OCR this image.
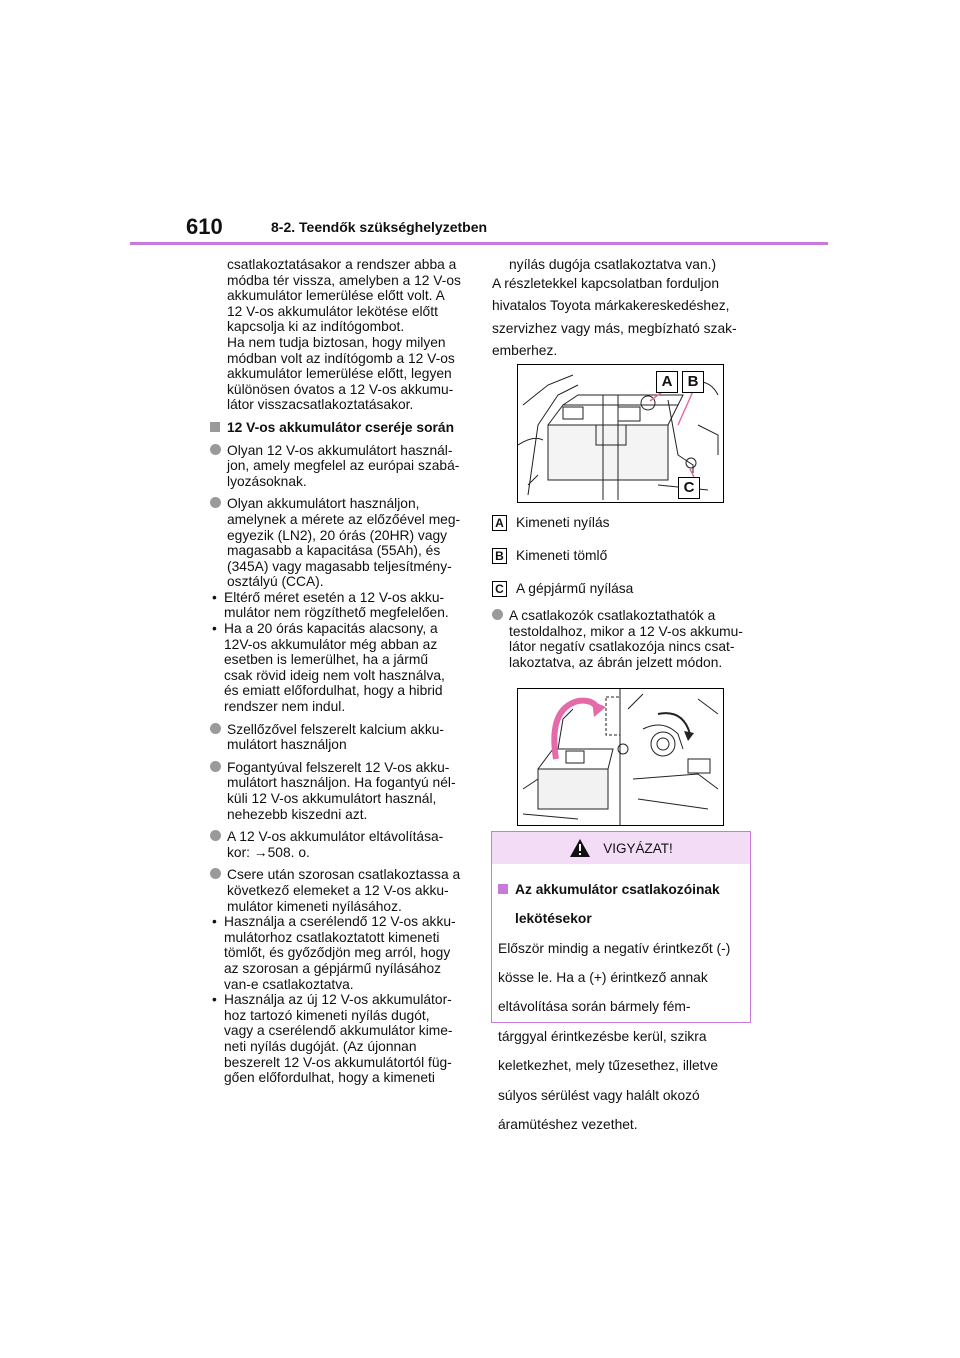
610	8-2. Teendők szükséghelyzetben

csatlakoztatásakor a rendszer abba a

módba tér vissza, amelyben a 12 V-os

akkumulátor lemerülése előtt volt. A

12 V-os akkumulátor lekötése előtt

kapcsolja ki az indítógombot.

Ha nem tudja biztosan, hogy milyen

módban volt az indítógomb a 12 V-os

akkumulátor lemerülése előtt, legyen

különösen óvatos a 12 V-os akkumu-

látor visszacsatlakoztatásakor.

12 V-os akkumulátor cseréje során

Olyan 12 V-os akkumulátort használ-

jon, amely megfelel az európai szabá-

lyozásoknak.

Olyan akkumulátort használjon,

amelynek a mérete az előzőével meg-

egyezik (LN2), 20 órás (20HR) vagy

magasabb a kapacitása (55Ah), és

(345A) vagy magasabb teljesítmény-

osztályú (CCA).

• Eltérő méret esetén a 12 V-os akku-

mulátor nem rögzíthető megfelelően.

• Ha a 20 órás kapacitás alacsony, a

12V-os akkumulátor még abban az

esetben is lemerülhet, ha a jármű

csak rövid ideig nem volt használva,

és emiatt előfordulhat, hogy a hibrid

rendszer nem indul.

Szellőzővel felszerelt kalcium akku-

mulátort használjon

Fogantyúval felszerelt 12 V-os akku-

mulátort használjon. Ha fogantyú nél-

küli 12 V-os akkumulátort használ,

nehezebb kiszedni azt.

A 12 V-os akkumulátor eltávolítása-

kor: →508. o.

Csere után szorosan csatlakoztassa a

következő elemeket a 12 V-os akku-

mulátor kimeneti nyílásához.

• Használja a cserélendő 12 V-os akku-

mulátorhoz csatlakoztatott kimeneti

tömlőt, és győződjön meg arról, hogy

az szorosan a gépjármű nyílásához

van-e csatlakoztatva.

• Használja az új 12 V-os akkumulátor-

hoz tartozó kimeneti nyílás dugót,

vagy a cserélendő akkumulátor kime-

neti nyílás dugóját. (Az újonnan

beszerelt 12 V-os akkumulátortól füg-

gően előfordulhat, hogy a kimeneti

nyílás dugója csatlakoztatva van.)

A részletekkel kapcsolatban forduljon

hivatalos Toyota márkakereskedéshez,

szervizhez vagy más, megbízható szak-

emberhez.

A	B
C
A Kimeneti nyílás
B Kimeneti tömlő
C A gépjármű nyílása

A csatlakozók csatlakoztathatók a

testoldalhoz, mikor a 12 V-os akkumu-

látor negatív csatlakozója nincs csat-

lakoztatva, az ábrán jelzett módon.

VIGYÁZAT!

Az akkumulátor csatlakozóinak

lekötésekor

Először mindig a negatív érintkezőt (-)

kösse le. Ha a (+) érintkező annak

eltávolítása során bármely fém-

tárggyal érintkezésbe kerül, szikra

keletkezhet, mely tűzesethez, illetve

súlyos sérülést vagy halált okozó

áramütéshez vezethet.
